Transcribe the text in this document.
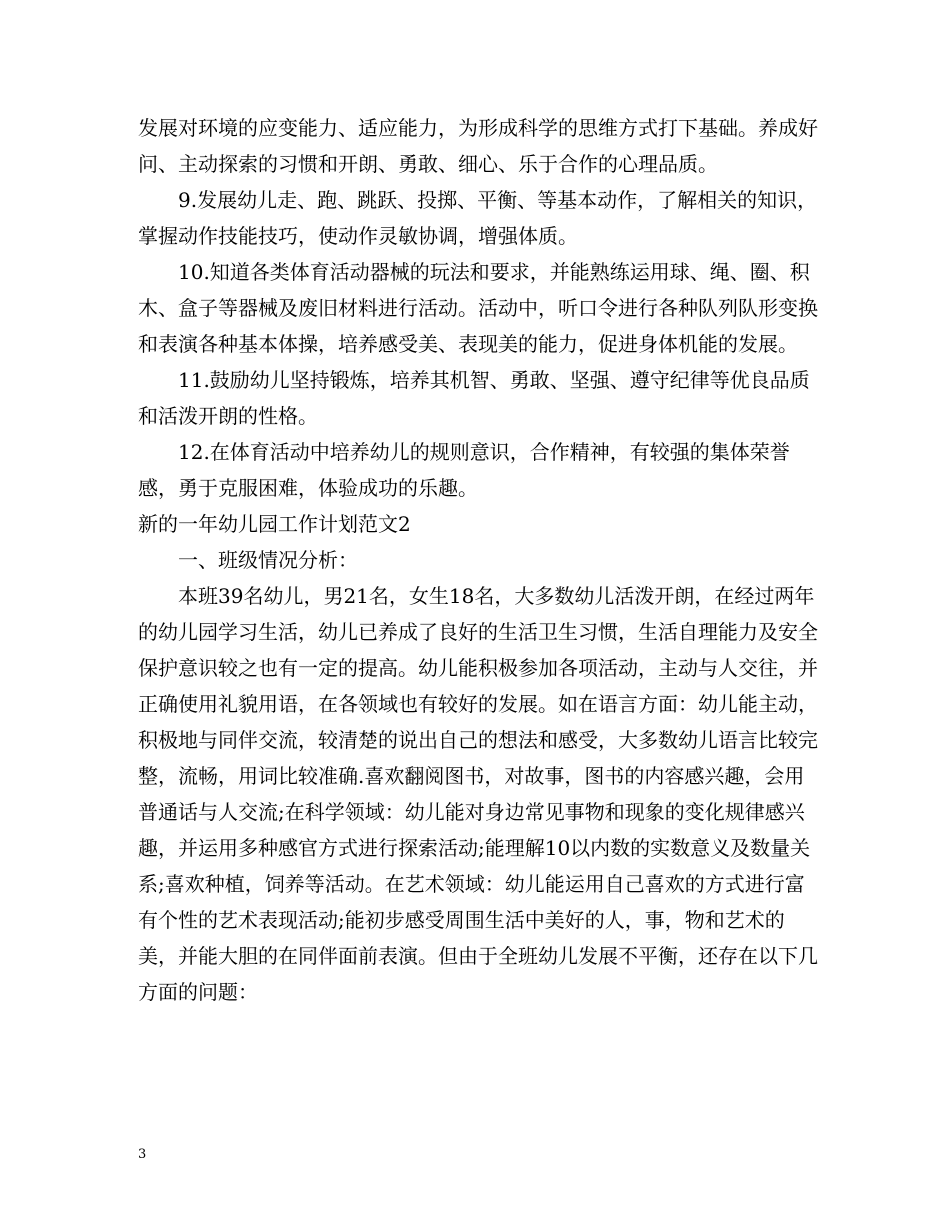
发展对环境的应变能力、适应能力，为形成科学的思维方式打下基础。养成好问、主动探索的习惯和开朗、勇敢、细心、乐于合作的心理品质。

9.发展幼儿走、跑、跳跃、投掷、平衡、等基本动作，了解相关的知识，掌握动作技能技巧，使动作灵敏协调，增强体质。

10.知道各类体育活动器械的玩法和要求，并能熟练运用球、绳、圈、积木、盒子等器械及废旧材料进行活动。活动中，听口令进行各种队列队形变换和表演各种基本体操，培养感受美、表现美的能力，促进身体机能的发展。

11.鼓励幼儿坚持锻炼，培养其机智、勇敢、坚强、遵守纪律等优良品质和活泼开朗的性格。

12.在体育活动中培养幼儿的规则意识，合作精神，有较强的集体荣誉感，勇于克服困难，体验成功的乐趣。

新的一年幼儿园工作计划范文2

一、班级情况分析：

本班39名幼儿，男21名，女生18名，大多数幼儿活泼开朗，在经过两年的幼儿园学习生活，幼儿已养成了良好的生活卫生习惯，生活自理能力及安全保护意识较之也有一定的提高。幼儿能积极参加各项活动，主动与人交往，并正确使用礼貌用语，在各领域也有较好的发展。如在语言方面：幼儿能主动，积极地与同伴交流，较清楚的说出自己的想法和感受，大多数幼儿语言比较完整，流畅，用词比较准确.喜欢翻阅图书，对故事，图书的内容感兴趣，会用普通话与人交流;在科学领域：幼儿能对身边常见事物和现象的变化规律感兴趣，并运用多种感官方式进行探索活动;能理解10以内数的实数意义及数量关系;喜欢种植，饲养等活动。在艺术领域：幼儿能运用自己喜欢的方式进行富有个性的艺术表现活动;能初步感受周围生活中美好的人，事，物和艺术的美，并能大胆的在同伴面前表演。但由于全班幼儿发展不平衡，还存在以下几方面的问题：

3
